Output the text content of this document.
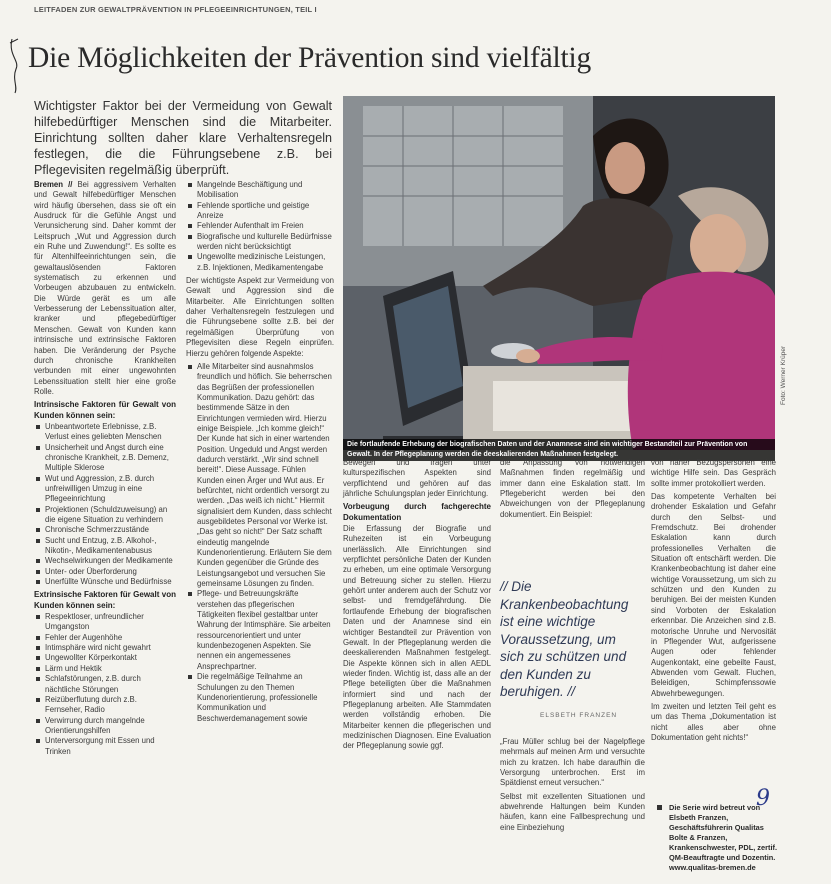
LEITFADEN ZUR GEWALTPRÄVENTION IN PFLEGEEINRICHTUNGEN, TEIL I
Die Möglichkeiten der Prävention sind vielfältig
Wichtigster Faktor bei der Vermeidung von Gewalt hilfebedürftiger Menschen sind die Mitarbeiter. Einrichtung sollten daher klare Verhaltensregeln festlegen, die die Führungsebene z.B. bei Pflegevisiten regelmäßig überprüft.
Foto: Werner Krüper
Die fortlaufende Erhebung der biografischen Daten und der Anamnese sind ein wichtiger Bestandteil zur Prävention von Gewalt. In der Pflegeplanung werden die deeskalierenden Maßnahmen festgelegt.

Bremen // Bei aggressivem Verhalten und Gewalt hilfebedürftiger Menschen wird häufig übersehen, dass sie oft ein Ausdruck für die Gefühle Angst und Verunsicherung sind. Daher kommt der Leitspruch „Wut und Aggression durch ein Ruhe und Zuwendung!“. Es sollte es für Altenhilfeeinrichtungen sein, die gewaltauslösenden Faktoren systematisch zu erkennen und Vorbeugen abzubauen zu entwickeln. Die Würde gerät es um alle Verbesserung der Lebenssituation alter, kranker und pflegebedürftiger Menschen. Gewalt von Kunden kann intrinsische und extrinsische Faktoren haben. Die Veränderung der Psyche durch chronische Krankheiten verbunden mit einer ungewohnten Lebenssituation stellt hier eine große Rolle.

Intrinsische Faktoren für Gewalt von Kunden können sein:
Unbeantwortete Erlebnisse, z.B. Verlust eines geliebten Menschen
Unsicherheit und Angst durch eine chronische Krankheit, z.B. Demenz, Multiple Sklerose
Wut und Aggression, z.B. durch unfreiwilligen Umzug in eine Pflegeeinrichtung
Projektionen (Schuldzuweisung) an die eigene Situation zu verhindern
Chronische Schmerzzustände
Sucht und Entzug, z.B. Alkohol-, Nikotin-, Medikamentenabusus
Wechselwirkungen der Medikamente
Unter- oder Überforderung
Unerfüllte Wünsche und Bedürfnisse
Extrinsische Faktoren für Gewalt von Kunden können sein:
Respektloser, unfreundlicher Umgangston
Fehler der Augenhöhe
Intimsphäre wird nicht gewahrt
Ungewollter Körperkontakt
Lärm und Hektik
Schlafstörungen, z.B. durch nächtliche Störungen
Reizüberflutung durch z.B. Fernseher, Radio
Verwirrung durch mangelnde Orientierungshilfen
Unterversorgung mit Essen und Trinken
Mangelnde Beschäftigung und Mobilisation
Fehlende sportliche und geistige Anreize
Fehlender Aufenthalt im Freien
Biografische und kulturelle Bedürfnisse werden nicht berücksichtigt
Ungewollte medizinische Leistungen, z.B. Injektionen, Medikamentengabe

Der wichtigste Aspekt zur Vermeidung von Gewalt und Aggression sind die Mitarbeiter. Alle Einrichtungen sollten daher Verhaltensregeln festzulegen und die Führungsebene sollte z.B. bei der regelmäßigen Überprüfung von Pflegevisiten diese Regeln einprüfen. Hierzu gehören folgende Aspekte:

Alle Mitarbeiter sind ausnahmslos freundlich und höflich. Sie beherrschen das Begrüßen der professionellen Kommunikation. Dazu gehört: das bestimmende Sätze in den Einrichtungen vermieden wird. Hierzu einige Beispiele. „Ich komme gleich!“ Der Kunde hat sich in einer wartenden Position. Ungeduld und Angst werden dadurch verstärkt. „Wir sind schnell bereit!“. Diese Aussage. Fühlen Kunden einen Ärger und Wut aus. Er befürchtet, nicht ordentlich versorgt zu werden. „Das weiß ich nicht.“ Hiermit signalisiert dem Kunden, dass schlecht ausgebildetes Personal vor Werke ist. „Das geht so nicht!“ Der Satz schafft eindeutig mangelnde Kundenorientierung. Erläutern Sie dem Kunden gegenüber die Gründe des Leistungsangebot und versuchen Sie gemeinsame Lösungen zu finden.
Pflege- und Betreuungskräfte verstehen das pflegerischen Tätigkeiten flexibel gestaltbar unter Wahrung der Intimsphäre. Sie arbeiten ressourcenorientiert und unter kundenbezogenen Aspekten. Sie nennen ein angemessenes Ansprechpartner.
Die regelmäßige Teilnahme an Schulungen zu den Themen Kundenorientierung, professionelle Kommunikation und Beschwerdemanagement sowie

Bewegen und fragen unter kulturspezifischen Aspekten sind verpflichtend und gehören auf das jährliche Schulungsplan jeder Einrichtung.

Vorbeugung durch fachgerechte Dokumentation

Die Erfassung der Biografie und Ruhezeiten ist ein Vorbeugung unerlässlich. Alle Einrichtungen sind verpflichtet persönliche Daten der Kunden zu erheben, um eine optimale Versorgung und Betreuung sicher zu stellen. Hierzu gehört unter anderem auch der Schutz vor selbst- und fremdgefährdung. Die fortlaufende Erhebung der biografischen Daten und der Anamnese sind ein wichtiger Bestandteil zur Prävention von Gewalt. In der Pflegeplanung werden die deeskalierenden Maßnahmen festgelegt. Die Aspekte können sich in allen AEDL wieder finden. Wichtig ist, dass alle an der Pflege beteiligten über die Maßnahmen informiert sind und nach der Pflegeplanung arbeiten. Alle Stammdaten werden vollständig erhoben. Die Mitarbeiter kennen die pflegerischen und medizinischen Diagnosen. Eine Evaluation der Pflegeplanung sowie ggf.

die Anpassung von notwendigen Maßnahmen finden regelmäßig und immer dann eine Eskalation statt. Im Pflegebericht werden bei den Abweichungen von der Pflegeplanung dokumentiert. Ein Beispiel:

// Die Krankenbeobachtung ist eine wichtige Voraussetzung, um sich zu schützen und den Kunden zu beruhigen. //
ELSBETH FRANZEN

„Frau Müller schlug bei der Nagelpflege mehrmals auf meinen Arm und versuchte mich zu kratzen. Ich habe daraufhin die Versorgung unterbrochen. Erst im Spätdienst erneut versuchen.“

Selbst mit exzellenten Situationen und abwehrende Haltungen beim Kunden häufen, kann eine Fallbesprechung und eine Einbeziehung

von naher Bezugspersonen eine wichtige Hilfe sein. Das Gespräch sollte immer protokolliert werden.

Das kompetente Verhalten bei drohender Eskalation und Gefahr durch den Selbst- und Fremdschutz. Bei drohender Eskalation kann durch professionelles Verhalten die Situation oft entschärft werden. Die Krankenbeobachtung ist daher eine wichtige Voraussetzung, um sich zu schützen und den Kunden zu beruhigen. Bei der meisten Kunden sind Vorboten der Eskalation erkennbar. Die Anzeichen sind z.B. motorische Unruhe und Nervosität in Pflegender Wut, aufgerissene Augen oder fehlender Augenkontakt, eine gebeilte Faust, Abwenden vom Gewalt. Fluchen, Beleidigen, Schimpfenssowie Abwehrbewegungen.

Im zweiten und letzten Teil geht es um das Thema „Dokumentation ist nicht alles aber ohne Dokumentation geht nichts!“

Die Serie wird betreut von Elsbeth Franzen, Geschäftsführerin Qualitas Bolte & Franzen, Krankenschwester, PDL, zertif. QM-Beauftragte und Dozentin. www.qualitas-bremen.de
9
